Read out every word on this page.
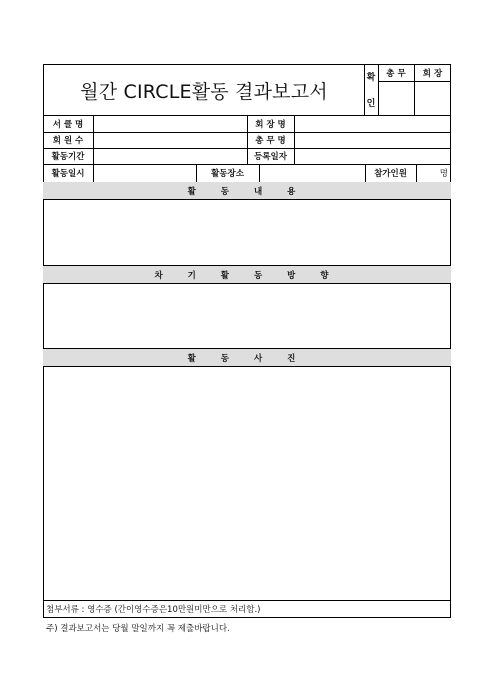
월간 CIRCLE활동 결과보고서
확
인
총 무	회 장
서 클 명	회 장 명
회 원 수	총 무 명
활동기간	등록일자
활동일시	활동장소	참가인원	명
활 동 내 용
차 기 활 동 방 향
활 동 사 진
첨부서류 : 영수증 (간이영수증은10만원미만으로 처리함.)
주) 결과보고서는 당월 말일까지 꼭 제출바랍니다.
